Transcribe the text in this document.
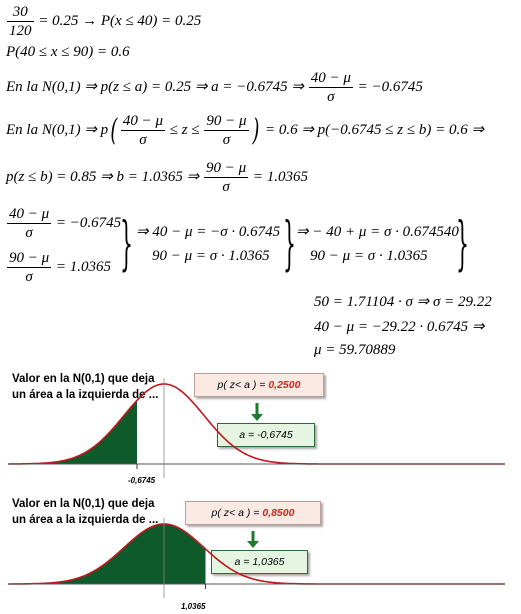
$\frac{30}{120} = 0.25 \to P(x \le 40) = 0.25$
P(40 ≤ x ≤ 90) = 0.6
En la N(0,1) ⇒ p(z ≤ a) = 0.25 ⇒ a = −0.6745 ⇒ $\frac{40 - \mu}{\sigma} = -0.6745$
En la N(0,1) ⇒ $p( \frac{40 - \mu}{\sigma} \le z \le \frac{90 - \mu}{\sigma}$ ) = 0.6 ⇒ p(−0.6745 ≤ z ≤ b) = 0.6 ⇒
p(z ≤ b) = 0.85 ⇒ b = 1.0365 ⇒ $\frac{90 - \mu}{\sigma} = 1.0365$
$\frac{40 - \mu}{\sigma} = -0.6745$
$\frac{90 - \mu}{\sigma} = 1.0365$ } ⇒ 40 − μ = −σ · 0.6745
90 − μ = σ · 1.0365 } ⇒ − 40 + μ = σ · 0.674540
90 − μ = σ · 1.0365 }
50 = 1.71104 · σ ⇒ σ = 29.22
40 − μ = −29.22 · 0.6745 ⇒
μ = 59.70889
Valor en la N(0,1) que deja
un área a la izquierda de ...
p( z< a ) = 0,2500
a = -0,6745
-0,6745
Valor en la N(0,1) que deja
un área a la izquierda de ...
p( z< a ) = 0,8500
a = 1,0365
1,0365
